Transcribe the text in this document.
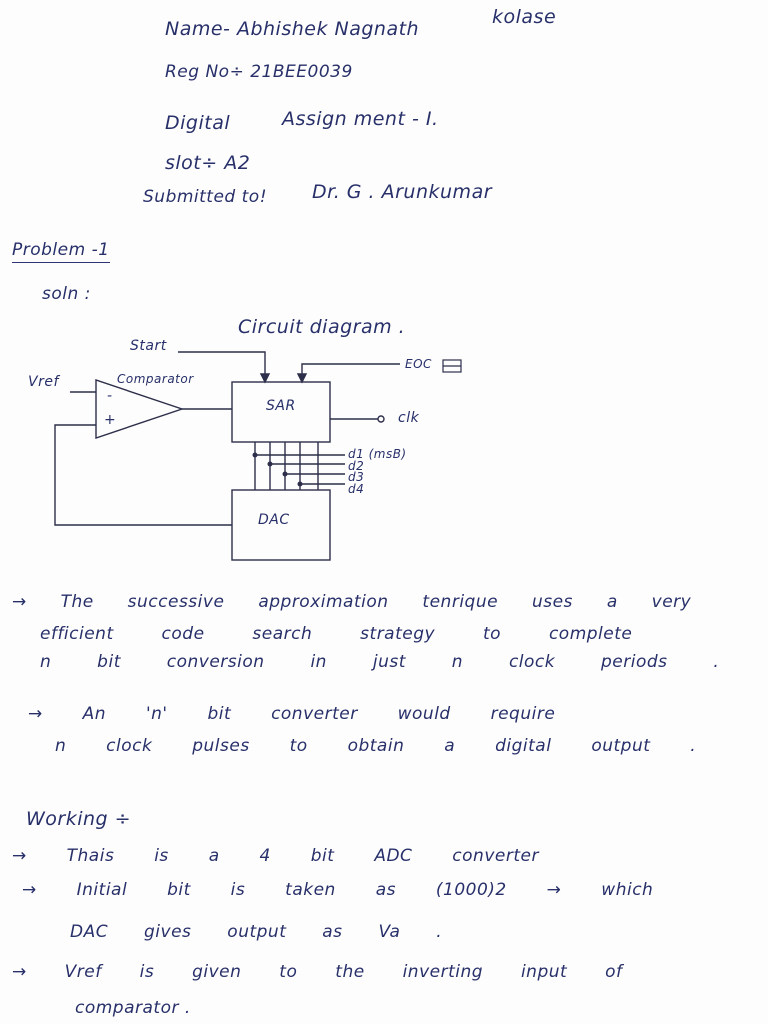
Name- Abhishek Nagnath
kolase
Reg No÷ 21BEE0039
Digital	Assign ment - I.
slot÷ A2
Submitted to! Dr. G . Arunkumar
Problem -1
soln :
Circuit diagram .
Start
Vref	Comparator
-
+
SAR
EOC
clk
d1 (msB)
d2
d3
d4
DAC
→ The successive approximation tenrique uses a very
efficient code search strategy to complete
n bit conversion in just n clock periods .
→ An 'n' bit converter would require
n clock pulses to obtain a digital output .
Working ÷
→ Thais is a 4 bit ADC converter
→ Initial bit is taken as (1000)2 → which
DAC gives output as Va .
→ Vref is given to the inverting input of
comparator .
